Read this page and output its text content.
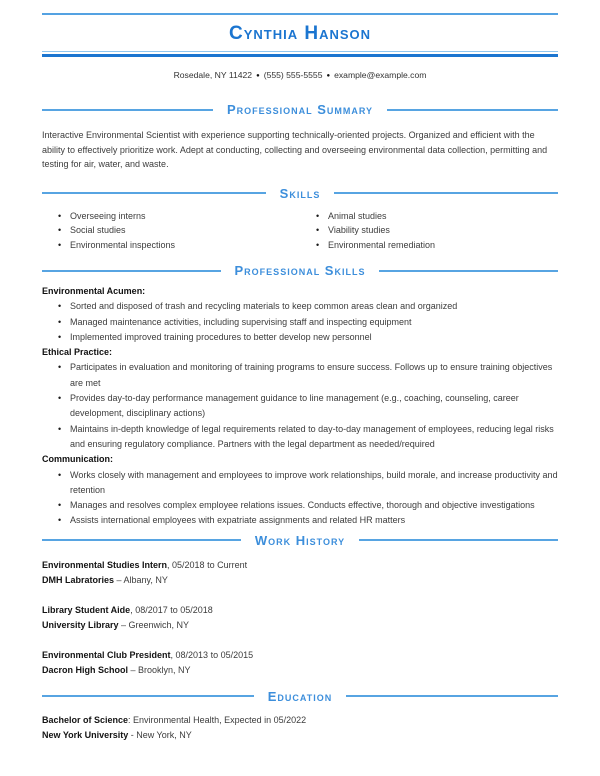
Cynthia Hanson
Rosedale, NY 11422 ● (555) 555-5555 ● example@example.com
Professional Summary

Interactive Environmental Scientist with experience supporting technically-oriented projects. Organized and efficient with the ability to effectively prioritize work. Adept at conducting, collecting and overseeing environmental data collection, permitting and testing for air, water, and waste.

Skills
• Overseeing interns
• Social studies
• Environmental inspections
• Animal studies
• Viability studies
• Environmental remediation
Professional Skills
Environmental Acumen:
• Sorted and disposed of trash and recycling materials to keep common areas clean and organized
• Managed maintenance activities, including supervising staff and inspecting equipment
• Implemented improved training procedures to better develop new personnel
Ethical Practice:
• Participates in evaluation and monitoring of training programs to ensure success. Follows up to ensure training objectives are met
• Provides day-to-day performance management guidance to line management (e.g., coaching, counseling, career development, disciplinary actions)
• Maintains in-depth knowledge of legal requirements related to day-to-day management of employees, reducing legal risks and ensuring regulatory compliance. Partners with the legal department as needed/required
Communication:
• Works closely with management and employees to improve work relationships, build morale, and increase productivity and retention
• Manages and resolves complex employee relations issues. Conducts effective, thorough and objective investigations
• Assists international employees with expatriate assignments and related HR matters
Work History
Environmental Studies Intern, 05/2018 to Current
DMH Labratories – Albany, NY
Library Student Aide, 08/2017 to 05/2018
University Library – Greenwich, NY
Environmental Club President, 08/2013 to 05/2015
Dacron High School – Brooklyn, NY
Education
Bachelor of Science: Environmental Health, Expected in 05/2022
New York University - New York, NY
